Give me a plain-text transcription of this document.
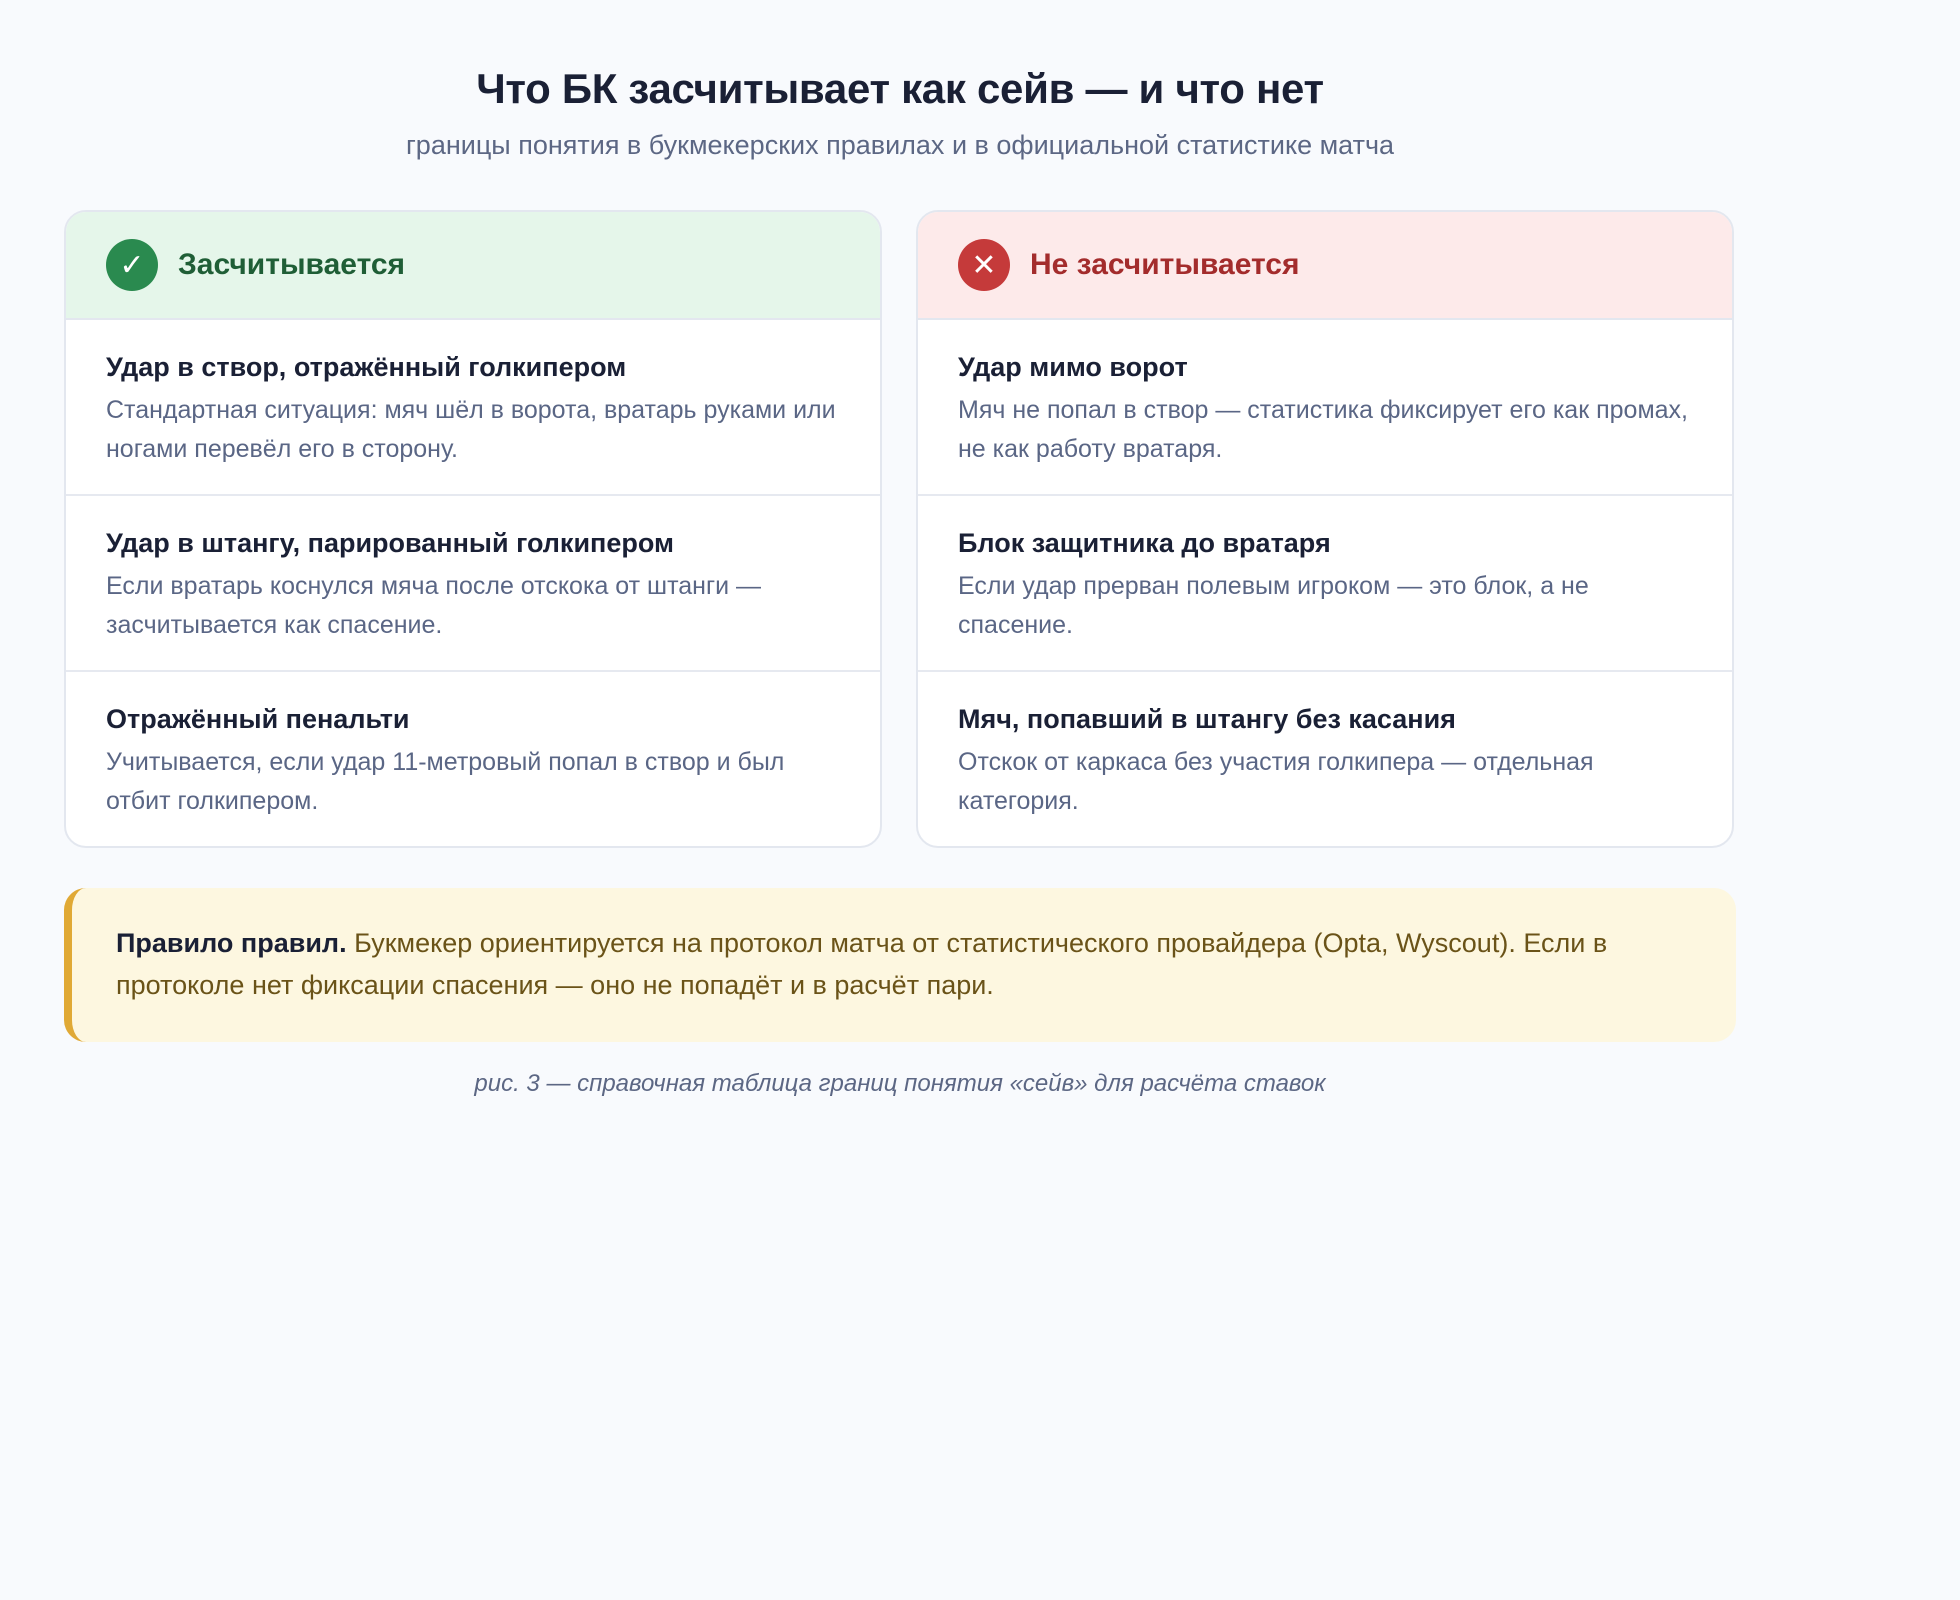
Что БК засчитывает как сейв — и что нет

границы понятия в букмекерских правилах и в официальной статистике матча

✓	Засчитывается
Удар в створ, отражённый голкипером
Стандартная ситуация: мяч шёл в ворота, вратарь руками или ногами перевёл его в сторону.
Удар в штангу, парированный голкипером
Если вратарь коснулся мяча после отскока от штанги — засчитывается как спасение.
Отражённый пенальти
Учитывается, если удар 11-метровый попал в створ и был отбит голкипером.
✕	Не засчитывается
Удар мимо ворот
Мяч не попал в створ — статистика фиксирует его как промах, не как работу вратаря.
Блок защитника до вратаря
Если удар прерван полевым игроком — это блок, а не спасение.
Мяч, попавший в штангу без касания
Отскок от каркаса без участия голкипера — отдельная категория.
Правило правил. Букмекер ориентируется на протокол матча от статистического провайдера (Opta, Wyscout). Если в протоколе нет фиксации спасения — оно не попадёт и в расчёт пари.
рис. 3 — справочная таблица границ понятия «сейв» для расчёта ставок
